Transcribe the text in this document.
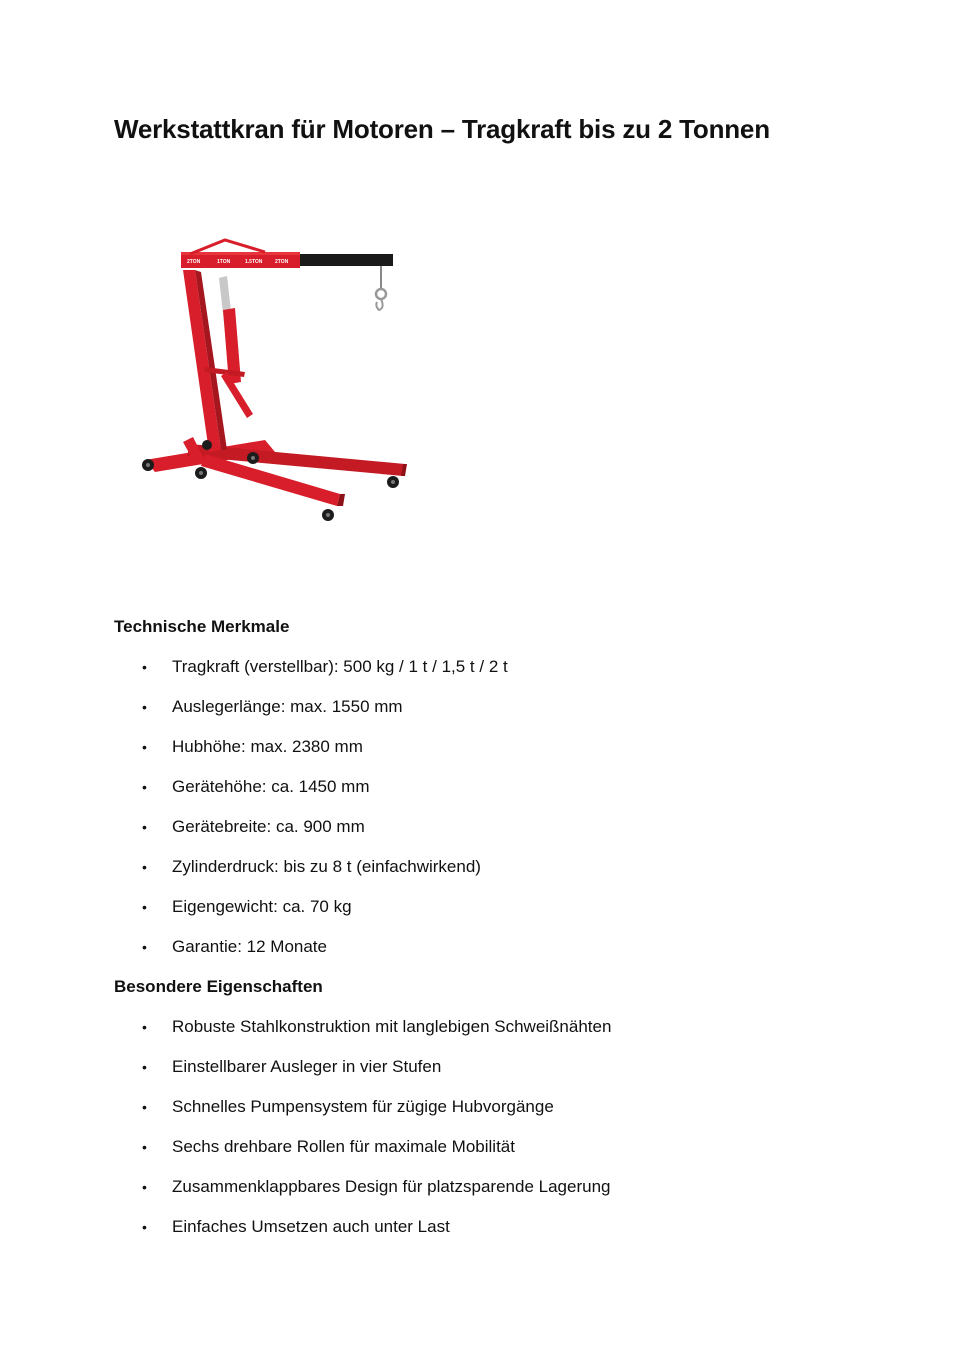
Werkstattkran für Motoren – Tragkraft bis zu 2 Tonnen
2TON	1TON	1.5TON	2TON
Technische Merkmale
• Tragkraft (verstellbar): 500 kg / 1 t / 1,5 t / 2 t
• Auslegerlänge: max. 1550 mm
• Hubhöhe: max. 2380 mm
• Gerätehöhe: ca. 1450 mm
• Gerätebreite: ca. 900 mm
• Zylinderdruck: bis zu 8 t (einfachwirkend)
• Eigengewicht: ca. 70 kg
• Garantie: 12 Monate
Besondere Eigenschaften
• Robuste Stahlkonstruktion mit langlebigen Schweißnähten
• Einstellbarer Ausleger in vier Stufen
• Schnelles Pumpensystem für zügige Hubvorgänge
• Sechs drehbare Rollen für maximale Mobilität
• Zusammenklappbares Design für platzsparende Lagerung
• Einfaches Umsetzen auch unter Last
